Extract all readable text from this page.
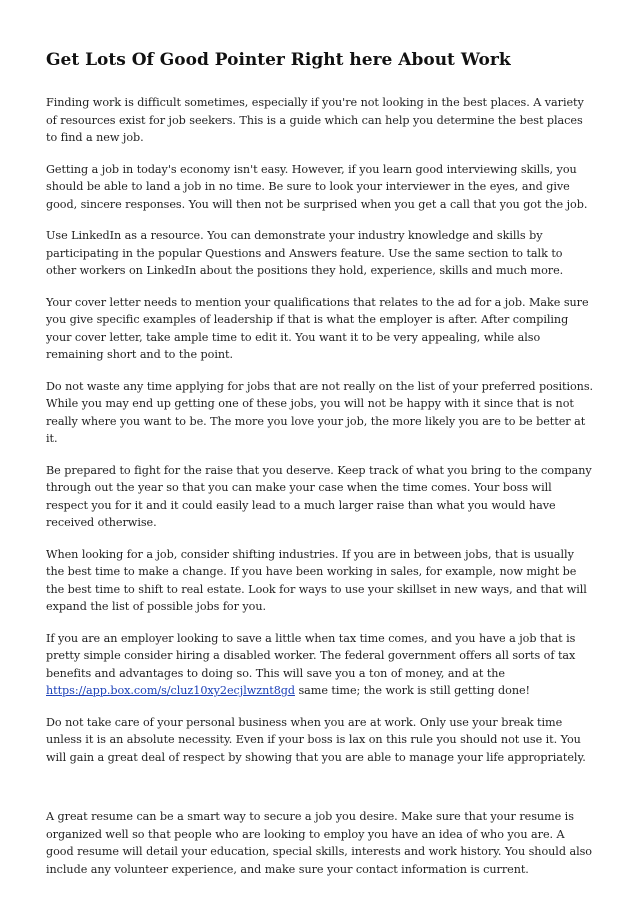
Get Lots Of Good Pointer Right here About Work

Finding work is difficult sometimes, especially if you're not looking in the best places. A variety of resources exist for job seekers. This is a guide which can help you determine the best places to find a new job.

Getting a job in today's economy isn't easy. However, if you learn good interviewing skills, you should be able to land a job in no time. Be sure to look your interviewer in the eyes, and give good, sincere responses. You will then not be surprised when you get a call that you got the job.

Use LinkedIn as a resource. You can demonstrate your industry knowledge and skills by participating in the popular Questions and Answers feature. Use the same section to talk to other workers on LinkedIn about the positions they hold, experience, skills and much more.

Your cover letter needs to mention your qualifications that relates to the ad for a job. Make sure you give specific examples of leadership if that is what the employer is after. After compiling your cover letter, take ample time to edit it. You want it to be very appealing, while also remaining short and to the point.

Do not waste any time applying for jobs that are not really on the list of your preferred positions. While you may end up getting one of these jobs, you will not be happy with it since that is not really where you want to be. The more you love your job, the more likely you are to be better at it.

Be prepared to fight for the raise that you deserve. Keep track of what you bring to the company through out the year so that you can make your case when the time comes. Your boss will respect you for it and it could easily lead to a much larger raise than what you would have received otherwise.

When looking for a job, consider shifting industries. If you are in between jobs, that is usually the best time to make a change. If you have been working in sales, for example, now might be the best time to shift to real estate. Look for ways to use your skillset in new ways, and that will expand the list of possible jobs for you.

If you are an employer looking to save a little when tax time comes, and you have a job that is pretty simple consider hiring a disabled worker. The federal government offers all sorts of tax benefits and advantages to doing so. This will save you a ton of money, and at the https://app.box.com/s/cluz10xy2ecjlwznt8gd same time; the work is still getting done!

Do not take care of your personal business when you are at work. Only use your break time unless it is an absolute necessity. Even if your boss is lax on this rule you should not use it. You will gain a great deal of respect by showing that you are able to manage your life appropriately.

A great resume can be a smart way to secure a job you desire. Make sure that your resume is organized well so that people who are looking to employ you have an idea of who you are. A good resume will detail your education, special skills, interests and work history. You should also include any volunteer experience, and make sure your contact information is current.
